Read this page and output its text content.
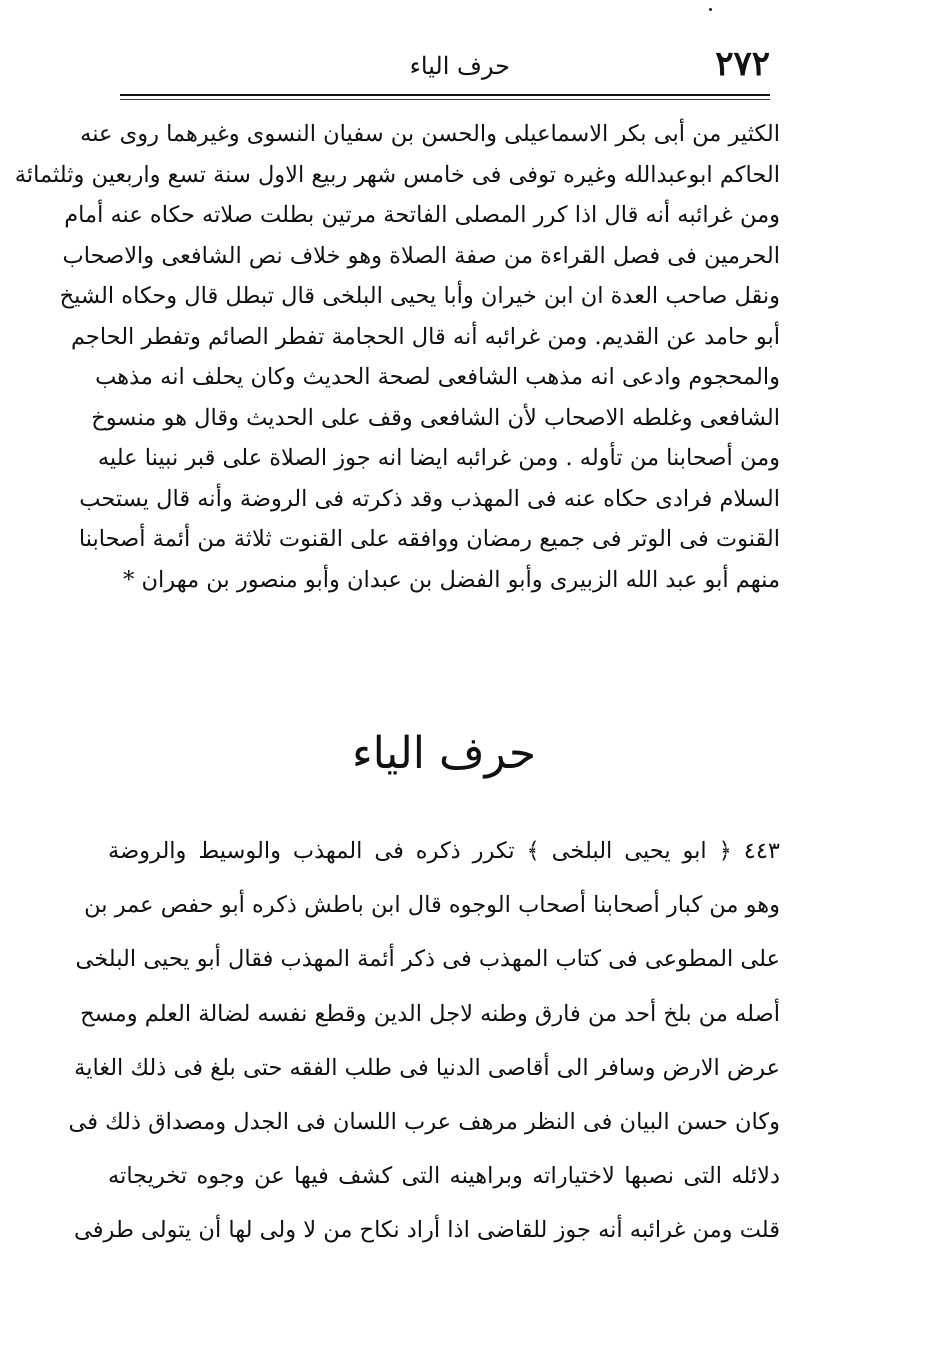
٢٧٢
حرف الياء
الكثير من أبى بكر الاسماعيلى والحسن بن سفيان النسوى وغيرهما روى عنه
الحاكم ابوعبدالله وغيره توفى فى خامس شهر ربيع الاول سنة تسع واربعين وثلثمائة
ومن غرائبه أنه قال اذا كرر المصلى الفاتحة مرتين بطلت صلاته حكاه عنه أمام
الحرمين فى فصل القراءة من صفة الصلاة وهو خلاف نص الشافعى والاصحاب
ونقل صاحب العدة ان ابن خيران وأبا يحيى البلخى قال تبطل قال وحكاه الشيخ
أبو حامد عن القديم. ومن غرائبه أنه قال الحجامة تفطر الصائم وتفطر الحاجم
والمحجوم وادعى انه مذهب الشافعى لصحة الحديث وكان يحلف انه مذهب
الشافعى وغلطه الاصحاب لأن الشافعى وقف على الحديث وقال هو منسوخ
ومن أصحابنا من تأوله . ومن غرائبه ايضا انه جوز الصلاة على قبر نبينا عليه
السلام فرادى حكاه عنه فى المهذب وقد ذكرته فى الروضة وأنه قال يستحب
القنوت فى الوتر فى جميع رمضان ووافقه على القنوت ثلاثة من أئمة أصحابنا
منهم أبو عبد الله الزبيرى وأبو الفضل بن عبدان وأبو منصور بن مهران *
حرف الياء
٤٤٣ ﴿ ابو يحيى البلخى ﴾ تكرر ذكره فى المهذب والوسيط والروضة
وهو من كبار أصحابنا أصحاب الوجوه قال ابن باطش ذكره أبو حفص عمر بن
على المطوعى فى كتاب المهذب فى ذكر أئمة المهذب فقال أبو يحيى البلخى
أصله من بلخ أحد من فارق وطنه لاجل الدين وقطع نفسه لضالة العلم ومسح
عرض الارض وسافر الى أقاصى الدنيا فى طلب الفقه حتى بلغ فى ذلك الغاية
وكان حسن البيان فى النظر مرهف عرب اللسان فى الجدل ومصداق ذلك فى
دلائله التى نصبها لاختياراته وبراهينه التى كشف فيها عن وجوه تخريجاته
قلت ومن غرائبه أنه جوز للقاضى اذا أراد نكاح من لا ولى لها أن يتولى طرفى
